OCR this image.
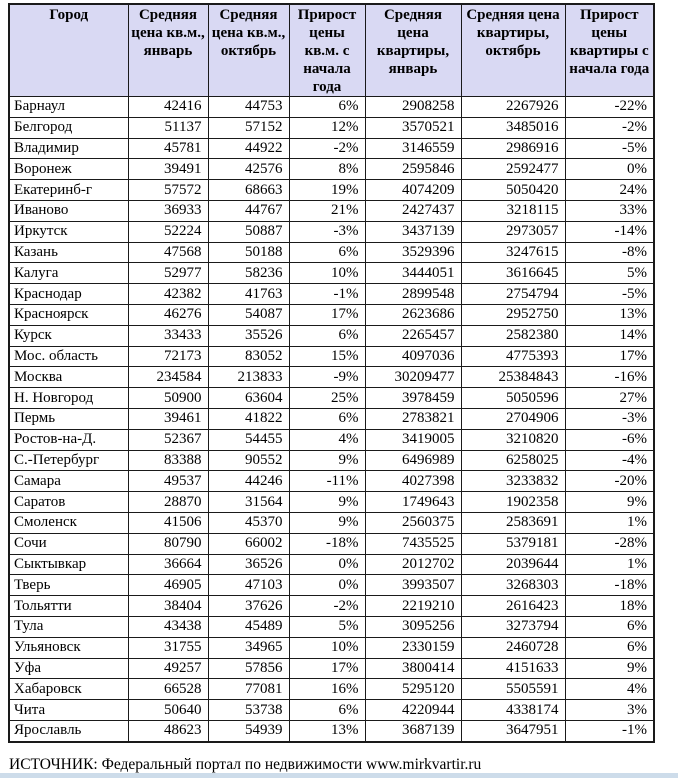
Город	Средняя цена кв.м., январь	Средняя цена кв.м., октябрь	Прирост цены кв.м. с начала года	Средняя цена квартиры, январь	Средняя цена квартиры, октябрь	Прирост цены квартиры с начала года
Барнаул	42416	44753	6%	2908258	2267926	-22%
Белгород	51137	57152	12%	3570521	3485016	-2%
Владимир	45781	44922	-2%	3146559	2986916	-5%
Воронеж	39491	42576	8%	2595846	2592477	0%
Екатеринб-г	57572	68663	19%	4074209	5050420	24%
Иваново	36933	44767	21%	2427437	3218115	33%
Иркутск	52224	50887	-3%	3437139	2973057	-14%
Казань	47568	50188	6%	3529396	3247615	-8%
Калуга	52977	58236	10%	3444051	3616645	5%
Краснодар	42382	41763	-1%	2899548	2754794	-5%
Красноярск	46276	54087	17%	2623686	2952750	13%
Курск	33433	35526	6%	2265457	2582380	14%
Мос. область	72173	83052	15%	4097036	4775393	17%
Москва	234584	213833	-9%	30209477	25384843	-16%
Н. Новгород	50900	63604	25%	3978459	5050596	27%
Пермь	39461	41822	6%	2783821	2704906	-3%
Ростов-на-Д.	52367	54455	4%	3419005	3210820	-6%
С.-Петербург	83388	90552	9%	6496989	6258025	-4%
Самара	49537	44246	-11%	4027398	3233832	-20%
Саратов	28870	31564	9%	1749643	1902358	9%
Смоленск	41506	45370	9%	2560375	2583691	1%
Сочи	80790	66002	-18%	7435525	5379181	-28%
Сыктывкар	36664	36526	0%	2012702	2039644	1%
Тверь	46905	47103	0%	3993507	3268303	-18%
Тольятти	38404	37626	-2%	2219210	2616423	18%
Тула	43438	45489	5%	3095256	3273794	6%
Ульяновск	31755	34965	10%	2330159	2460728	6%
Уфа	49257	57856	17%	3800414	4151633	9%
Хабаровск	66528	77081	16%	5295120	5505591	4%
Чита	50640	53738	6%	4220944	4338174	3%
Ярославль	48623	54939	13%	3687139	3647951	-1%
ИСТОЧНИК: Федеральный портал по недвижимости www.mirkvartir.ru
